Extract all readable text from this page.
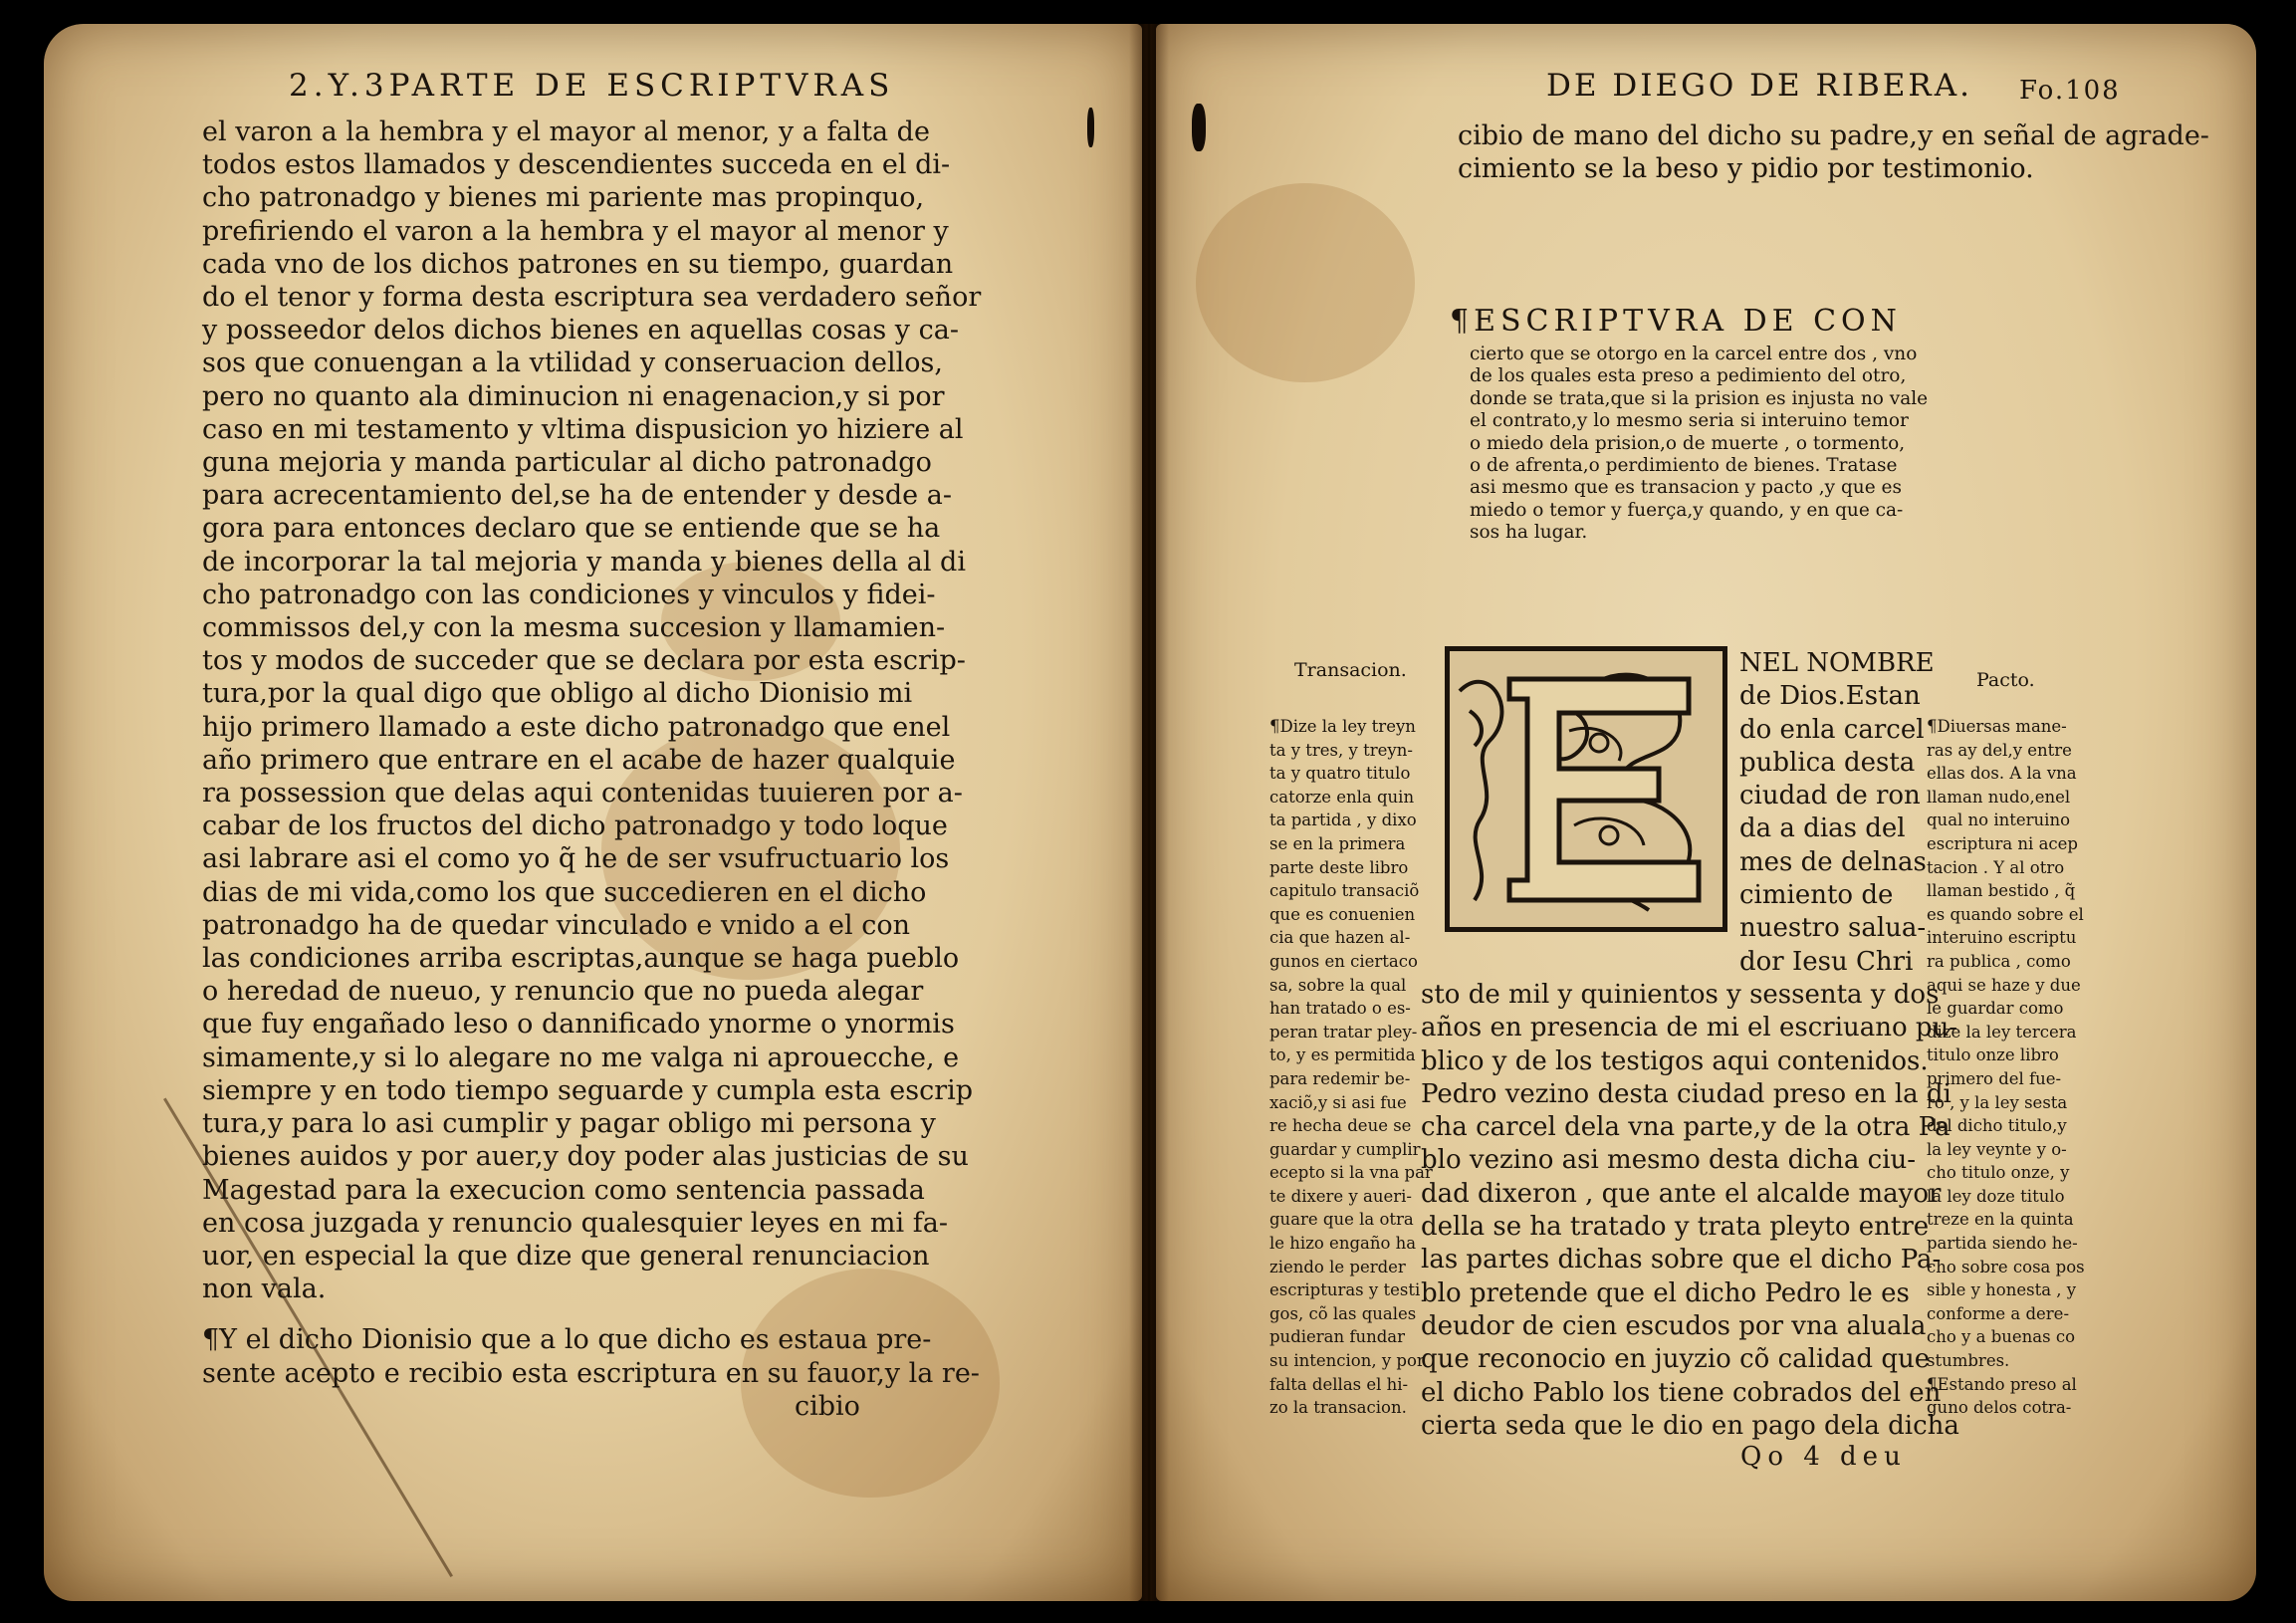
2.Y.3PARTE DE ESCRIPTVRAS
el varon a la hembra y el mayor al menor, y a falta de
todos estos llamados y descendientes succeda en el di-
cho patronadgo y bienes mi pariente mas propinquo,
prefiriendo el varon a la hembra y el mayor al menor y
cada vno de los dichos patrones en su tiempo, guardan
do el tenor y forma desta escriptura sea verdadero señor
y posseedor delos dichos bienes en aquellas cosas y ca-
sos que conuengan a la vtilidad y conseruacion dellos,
pero no quanto ala diminucion ni enagenacion,y si por
caso en mi testamento y vltima dispusicion yo hiziere al
guna mejoria y manda particular al dicho patronadgo
para acrecentamiento del,se ha de entender y desde a-
gora para entonces declaro que se entiende que se ha
de incorporar la tal mejoria y manda y bienes della al di
cho patronadgo con las condiciones y vinculos y fidei-
commissos del,y con la mesma succesion y llamamien-
tos y modos de succeder que se declara por esta escrip-
tura,por la qual digo que obligo al dicho Dionisio mi
hijo primero llamado a este dicho patronadgo que enel
año primero que entrare en el acabe de hazer qualquie
ra possession que delas aqui contenidas tuuieren por a-
cabar de los fructos del dicho patronadgo y todo loque
asi labrare asi el como yo q̃ he de ser vsufructuario los
dias de mi vida,como los que succedieren en el dicho
patronadgo ha de quedar vinculado e vnido a el con
las condiciones arriba escriptas,aunque se haga pueblo
o heredad de nueuo, y renuncio que no pueda alegar
que fuy engañado leso o dannificado ynorme o ynormis
simamente,y si lo alegare no me valga ni aprouecche, e
siempre y en todo tiempo seguarde y cumpla esta escrip
tura,y para lo asi cumplir y pagar obligo mi persona y
bienes auidos y por auer,y doy poder alas justicias de su
Magestad para la execucion como sentencia passada
en cosa juzgada y renuncio qualesquier leyes en mi fa-
uor, en especial la que dize que general renunciacion
non vala.
¶Y el dicho Dionisio que a lo que dicho es estaua pre-
sente acepto e recibio esta escriptura en su fauor,y la re-
cibio
DE DIEGO DE RIBERA. Fo.108
cibio de mano del dicho su padre,y en señal de agrade-
cimiento se la beso y pidio por testimonio.
¶ESCRIPTVRA DE CON
cierto que se otorgo en la carcel entre dos , vno
de los quales esta preso a pedimiento del otro,
donde se trata,que si la prision es injusta no vale
el contrato,y lo mesmo seria si interuino temor
o miedo dela prision,o de muerte , o tormento,
o de afrenta,o perdimiento de bienes. Tratase
asi mesmo que es transacion y pacto ,y que es
miedo o temor y fuerça,y quando, y en que ca-
sos ha lugar.
NEL NOMBRE
de Dios.Estan
do enla carcel
publica desta
ciudad de ron
da a dias del
mes de delnas
cimiento de
nuestro salua-
dor Iesu Chri
sto de mil y quinientos y sessenta y dos
años en presencia de mi el escriuano pu-
blico y de los testigos aqui contenidos.
Pedro vezino desta ciudad preso en la di
cha carcel dela vna parte,y de la otra Pa
blo vezino asi mesmo desta dicha ciu-
dad dixeron , que ante el alcalde mayor
della se ha tratado y trata pleyto entre
las partes dichas sobre que el dicho Pa-
blo pretende que el dicho Pedro le es
deudor de cien escudos por vna aluala
que reconocio en juyzio cõ calidad que
el dicho Pablo los tiene cobrados del en
cierta seda que le dio en pago dela dicha
Qo 4 deu
Transacion.
¶Dize la ley treyn
ta y tres, y treyn-
ta y quatro titulo
catorze enla quin
ta partida , y dixo
se en la primera
parte deste libro
capitulo transaciõ
que es conuenien
cia que hazen al-
gunos en ciertaco
sa, sobre la qual
han tratado o es-
peran tratar pley-
to, y es permitida
para redemir be-
xaciõ,y si asi fue
re hecha deue se
guardar y cumplir
ecepto si la vna par
te dixere y aueri-
guare que la otra
le hizo engaño ha
ziendo le perder
escripturas y testi
gos, cõ las quales
pudieran fundar
su intencion, y por
falta dellas el hi-
zo la transacion.
Pacto.
¶Diuersas mane-
ras ay del,y entre
ellas dos. A la vna
llaman nudo,enel
qual no interuino
escriptura ni acep
tacion . Y al otro
llaman bestido , q̃
es quando sobre el
interuino escriptu
ra publica , como
aqui se haze y due
le guardar como
dize la ley tercera
titulo onze libro
primero del fue-
ro , y la ley sesta
del dicho titulo,y
la ley veynte y o-
cho titulo onze, y
la ley doze titulo
treze en la quinta
partida siendo he-
cho sobre cosa pos
sible y honesta , y
conforme a dere-
cho y a buenas co
stumbres.
¶Estando preso al
guno delos cotra-
